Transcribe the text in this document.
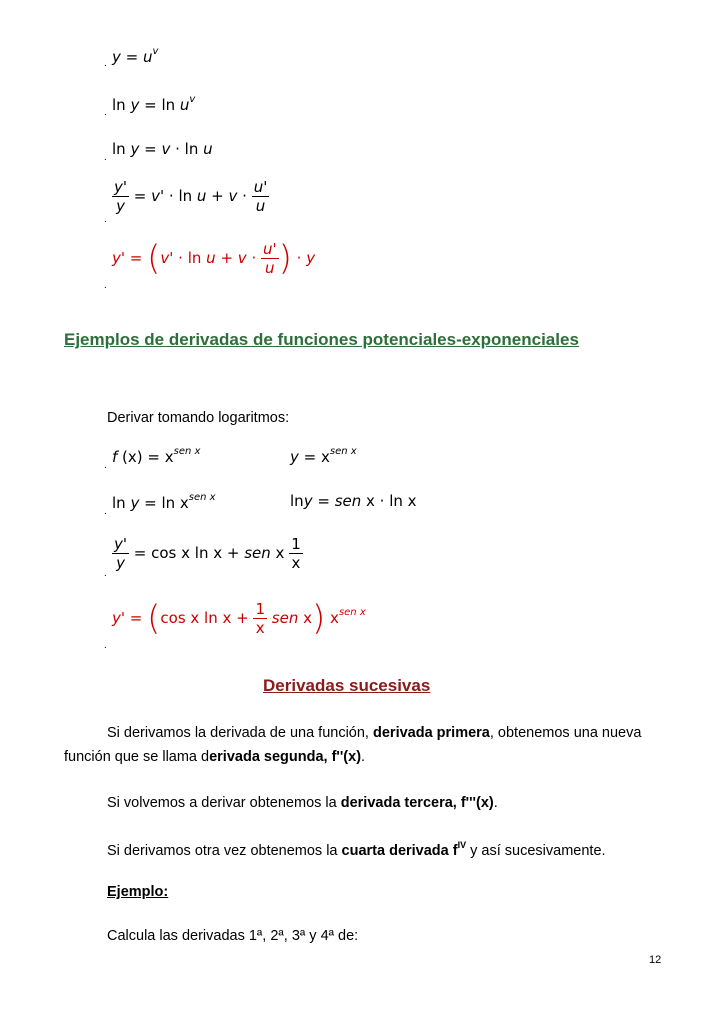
$y = u^v$
.
$\ln y = \ln u^v$
.
ln y = v · ln u
.
$\frac{y'}{y} = v' \cdot \ln u + v \cdot \frac{u'}{u}$
.
$y' = (v' \cdot \ln u + v \cdot \frac{u'}{u}$ ) · y
.
Ejemplos de derivadas de funciones potenciales-exponenciales
Derivar tomando logaritmos:
f $(x) = x^{sen x}$	$y = x^{sen x}$
.
$\ln y = \ln x^{sen x}$	lny = sen x · ln x
.
$\frac{y'}{y} = \cos x$ ln x + sen x $\frac{1}{x}$
.
y' = (cos x $\ln x + \frac{1}{x}$ sen x) $x^{sen x}$
.
Derivadas sucesivas
Si derivamos la derivada de una función, derivada primera, obtenemos una nueva
función que se llama derivada segunda, f''(x).
Si volvemos a derivar obtenemos la derivada tercera, f'''(x).
Si derivamos otra vez obtenemos la cuarta derivada $f^{IV}$ y así sucesivamente.
Ejemplo:
Calcula las derivadas 1ª, 2ª, 3ª y 4ª de:
12
